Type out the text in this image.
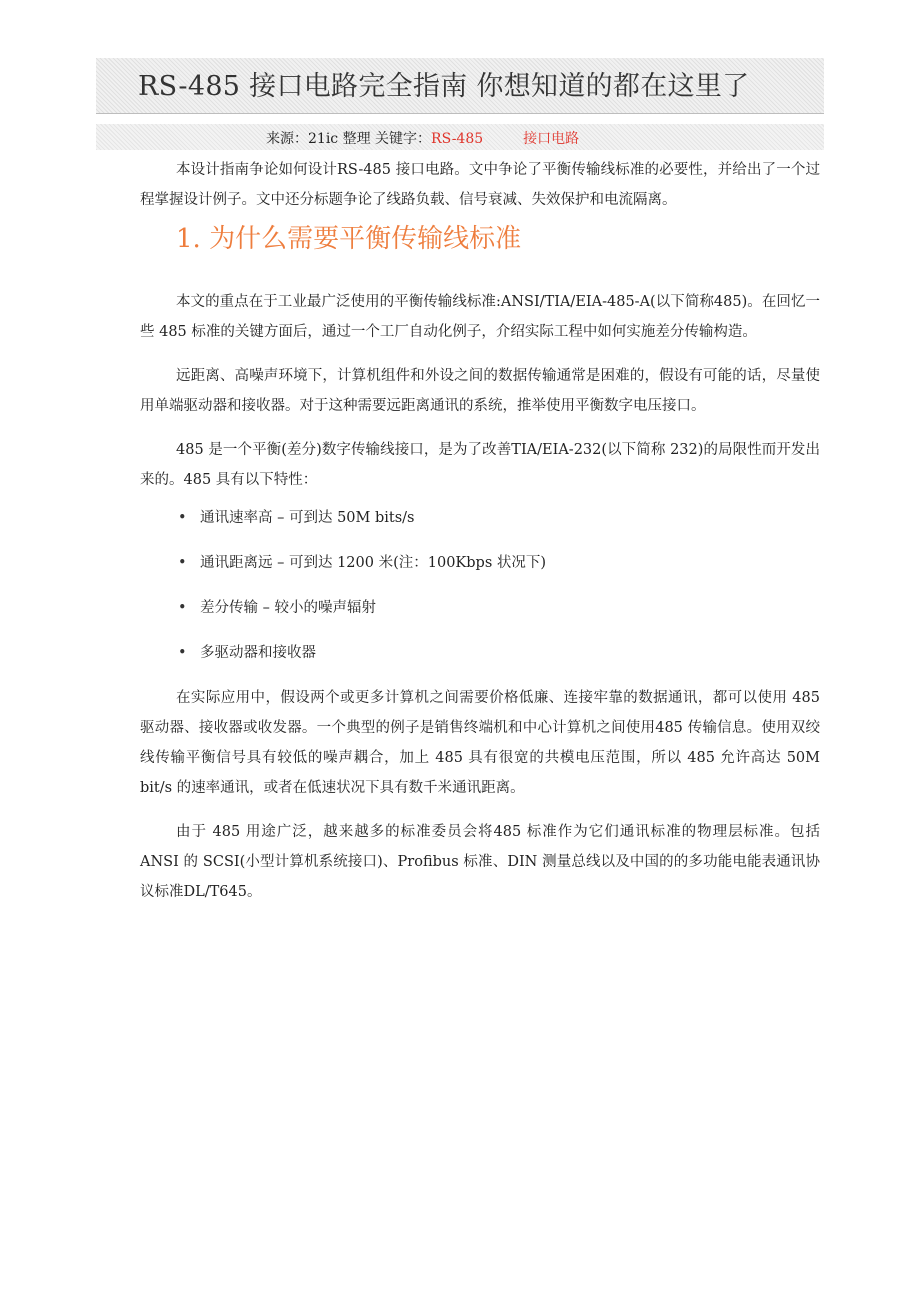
RS-485 接口电路完全指南 你想知道的都在这里了
来源：21ic 整理 关键字：RS-485	接口电路

本设计指南争论如何设计RS-485 接口电路。文中争论了平衡传输线标准的必要性，并给出了一个过程掌握设计例子。文中还分标题争论了线路负载、信号衰减、失效保护和电流隔离。

1. 为什么需要平衡传输线标准

本文的重点在于工业最广泛使用的平衡传输线标准:ANSI/TIA/EIA-485-A(以下简称485)。在回忆一些 485 标准的关键方面后，通过一个工厂自动化例子，介绍实际工程中如何实施差分传输构造。

远距离、高噪声环境下，计算机组件和外设之间的数据传输通常是困难的，假设有可能的话，尽量使用单端驱动器和接收器。对于这种需要远距离通讯的系统，推举使用平衡数字电压接口。

485 是一个平衡(差分)数字传输线接口，是为了改善TIA/EIA-232(以下简称 232)的局限性而开发出来的。485 具有以下特性：

• 通讯速率高 – 可到达 50M bits/s
• 通讯距离远 – 可到达 1200 米(注：100Kbps 状况下)
• 差分传输 – 较小的噪声辐射
• 多驱动器和接收器

在实际应用中，假设两个或更多计算机之间需要价格低廉、连接牢靠的数据通讯，都可以使用 485 驱动器、接收器或收发器。一个典型的例子是销售终端机和中心计算机之间使用485 传输信息。使用双绞线传输平衡信号具有较低的噪声耦合，加上 485 具有很宽的共模电压范围，所以 485 允许高达 50M bit/s 的速率通讯，或者在低速状况下具有数千米通讯距离。

由于 485 用途广泛，越来越多的标准委员会将485 标准作为它们通讯标准的物理层标准。包括 ANSI 的 SCSI(小型计算机系统接口)、Profibus 标准、DIN 测量总线以及中国的的多功能电能表通讯协议标准DL/T645。
